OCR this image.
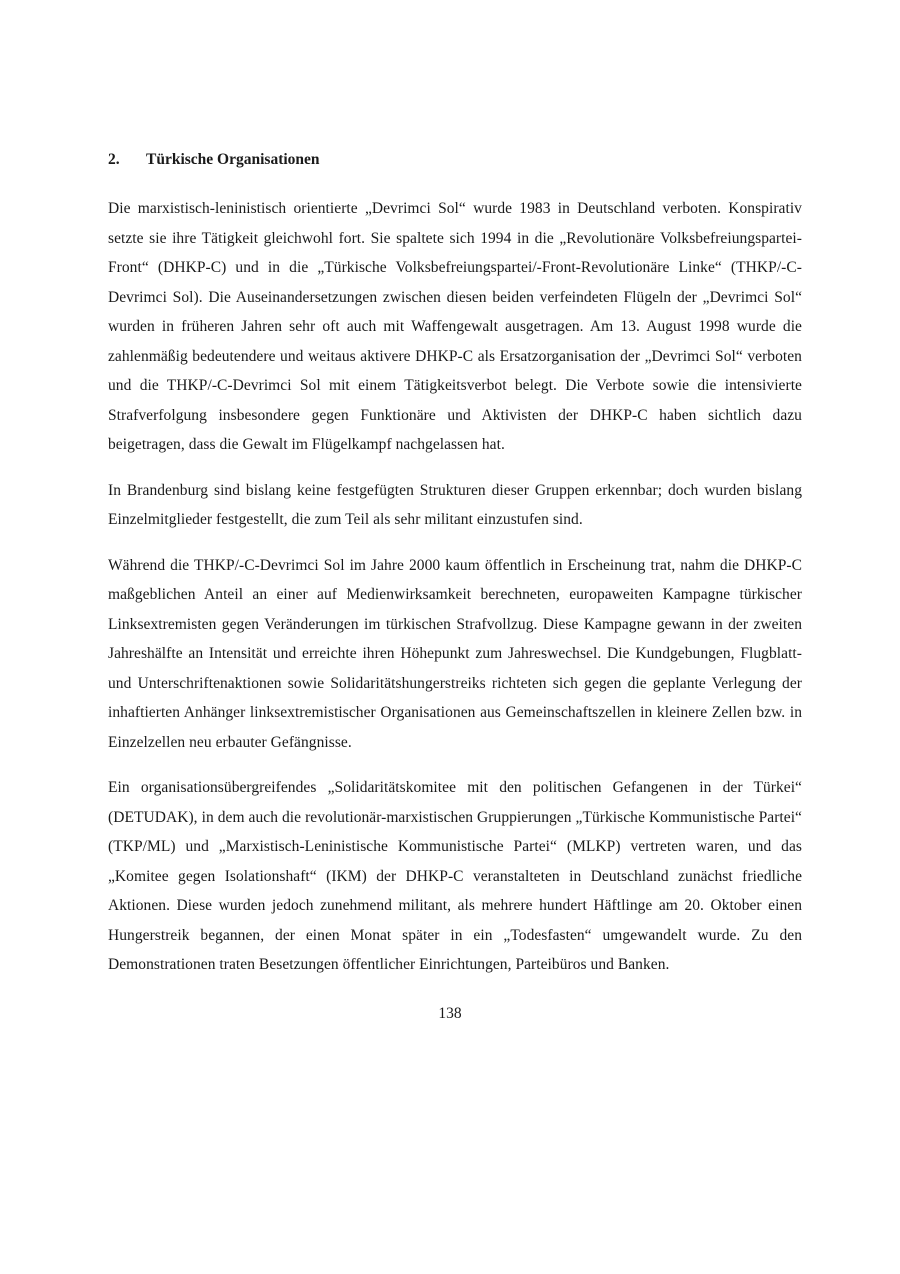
2. Türkische Organisationen

Die marxistisch-leninistisch orientierte „Devrimci Sol“ wurde 1983 in Deutschland verboten. Konspirativ setzte sie ihre Tätigkeit gleichwohl fort. Sie spaltete sich 1994 in die „Revolutionäre Volksbefreiungspartei-Front“ (DHKP-C) und in die „Türkische Volksbefreiungspartei/-Front-Revolutionäre Linke“ (THKP/-C-Devrimci Sol). Die Auseinandersetzungen zwischen diesen beiden verfeindeten Flügeln der „Devrimci Sol“ wurden in früheren Jahren sehr oft auch mit Waffengewalt ausgetragen. Am 13. August 1998 wurde die zahlenmäßig bedeutendere und weitaus aktivere DHKP-C als Ersatzorganisation der „Devrimci Sol“ verboten und die THKP/-C-Devrimci Sol mit einem Tätigkeitsverbot belegt. Die Verbote sowie die intensivierte Strafverfolgung insbesondere gegen Funktionäre und Aktivisten der DHKP-C haben sichtlich dazu beigetragen, dass die Gewalt im Flügelkampf nachgelassen hat.

In Brandenburg sind bislang keine festgefügten Strukturen dieser Gruppen erkennbar; doch wurden bislang Einzelmitglieder festgestellt, die zum Teil als sehr militant einzustufen sind.

Während die THKP/-C-Devrimci Sol im Jahre 2000 kaum öffentlich in Erscheinung trat, nahm die DHKP-C maßgeblichen Anteil an einer auf Medienwirksamkeit berechneten, europaweiten Kampagne türkischer Linksextremisten gegen Veränderungen im türkischen Strafvollzug. Diese Kampagne gewann in der zweiten Jahreshälfte an Intensität und erreichte ihren Höhepunkt zum Jahreswechsel. Die Kundgebungen, Flugblatt- und Unterschriftenaktionen sowie Solidaritätshungerstreiks richteten sich gegen die geplante Verlegung der inhaftierten Anhänger linksextremistischer Organisationen aus Gemeinschaftszellen in kleinere Zellen bzw. in Einzelzellen neu erbauter Gefängnisse.

Ein organisationsübergreifendes „Solidaritätskomitee mit den politischen Gefangenen in der Türkei“ (DETUDAK), in dem auch die revolutionär-marxistischen Gruppierungen „Türkische Kommunistische Partei“ (TKP/ML) und „Marxistisch-Leninistische Kommunistische Partei“ (MLKP) vertreten waren, und das „Komitee gegen Isolationshaft“ (IKM) der DHKP-C veranstalteten in Deutschland zunächst friedliche Aktionen. Diese wurden jedoch zunehmend militant, als mehrere hundert Häftlinge am 20. Oktober einen Hungerstreik begannen, der einen Monat später in ein „Todesfasten“ umgewandelt wurde. Zu den Demonstrationen traten Besetzungen öffentlicher Einrichtungen, Parteibüros und Banken.

138
